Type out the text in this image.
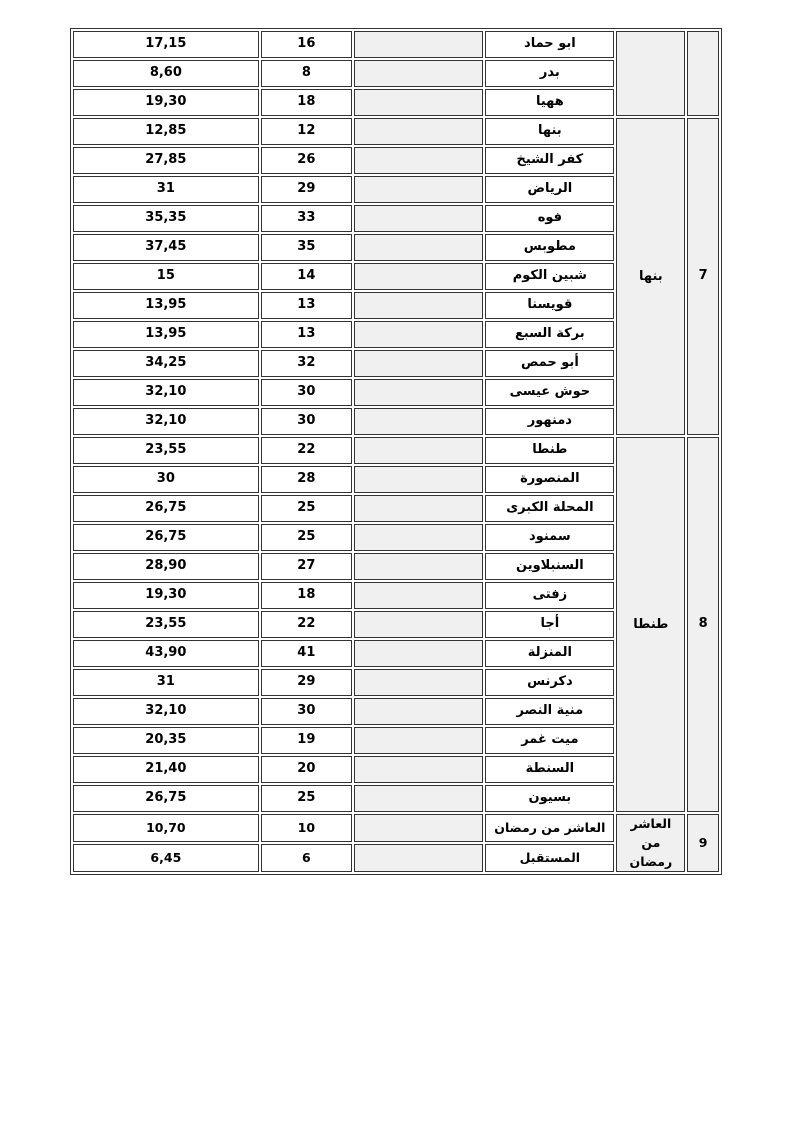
		ابو حماد		16	17,15
		بدر		8	8,60
		ههيا		18	19,30
7	بنها	بنها		12	12,85
		كفر الشيخ		26	27,85
		الرياض		29	31
		فوه		33	35,35
		مطوبس		35	37,45
		شبين الكوم		14	15
		قويسنا		13	13,95
		بركة السبع		13	13,95
		أبو حمص		32	34,25
		حوش عيسى		30	32,10
		دمنهور		30	32,10
8	طنطا	طنطا		22	23,55
		المنصورة		28	30
		المحلة الكبرى		25	26,75
		سمنود		25	26,75
		السنبلاوين		27	28,90
		زفتى		18	19,30
		أجا		22	23,55
		المنزلة		41	43,90
		دكرنس		29	31
		منية النصر		30	32,10
		ميت غمر		19	20,35
		السنطة		20	21,40
		بسيون		25	26,75
9	العاشر من رمضان	العاشر من رمضان		10	10,70
		المستقبل		6	6,45
